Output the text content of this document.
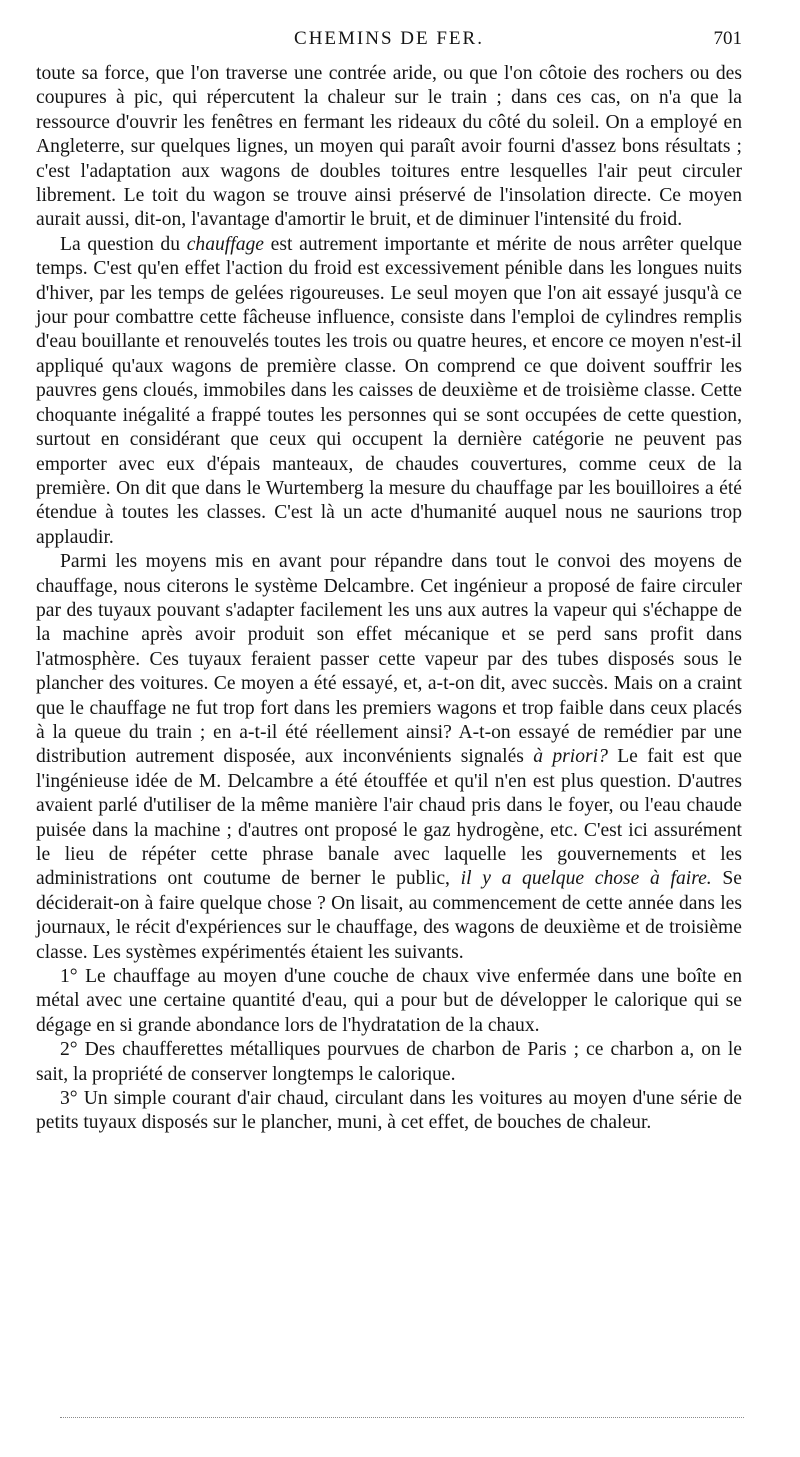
CHEMINS DE FER.	701

toute sa force, que l'on traverse une contrée aride, ou que l'on côtoie des rochers ou des coupures à pic, qui répercutent la chaleur sur le train ; dans ces cas, on n'a que la ressource d'ouvrir les fenêtres en fermant les rideaux du côté du soleil. On a employé en Angleterre, sur quelques lignes, un moyen qui paraît avoir fourni d'assez bons résultats ; c'est l'adaptation aux wagons de doubles toitures entre lesquelles l'air peut circuler librement. Le toit du wagon se trouve ainsi préservé de l'insolation directe. Ce moyen aurait aussi, dit-on, l'avantage d'amortir le bruit, et de diminuer l'intensité du froid.

La question du chauffage est autrement importante et mérite de nous arrêter quelque temps. C'est qu'en effet l'action du froid est excessivement pénible dans les longues nuits d'hiver, par les temps de gelées rigoureuses. Le seul moyen que l'on ait essayé jusqu'à ce jour pour combattre cette fâcheuse influence, consiste dans l'emploi de cylindres remplis d'eau bouillante et renouvelés toutes les trois ou quatre heures, et encore ce moyen n'est-il appliqué qu'aux wagons de première classe. On comprend ce que doivent souffrir les pauvres gens cloués, immobiles dans les caisses de deuxième et de troisième classe. Cette choquante inégalité a frappé toutes les personnes qui se sont occupées de cette question, surtout en considérant que ceux qui occupent la dernière catégorie ne peuvent pas emporter avec eux d'épais manteaux, de chaudes couvertures, comme ceux de la première. On dit que dans le Wurtemberg la mesure du chauffage par les bouilloires a été étendue à toutes les classes. C'est là un acte d'humanité auquel nous ne saurions trop applaudir.

Parmi les moyens mis en avant pour répandre dans tout le convoi des moyens de chauffage, nous citerons le système Delcambre. Cet ingénieur a proposé de faire circuler par des tuyaux pouvant s'adapter facilement les uns aux autres la vapeur qui s'échappe de la machine après avoir produit son effet mécanique et se perd sans profit dans l'atmosphère. Ces tuyaux feraient passer cette vapeur par des tubes disposés sous le plancher des voitures. Ce moyen a été essayé, et, a-t-on dit, avec succès. Mais on a craint que le chauffage ne fut trop fort dans les premiers wagons et trop faible dans ceux placés à la queue du train ; en a-t-il été réellement ainsi? A-t-on essayé de remédier par une distribution autrement disposée, aux inconvénients signalés à priori? Le fait est que l'ingénieuse idée de M. Delcambre a été étouffée et qu'il n'en est plus question. D'autres avaient parlé d'utiliser de la même manière l'air chaud pris dans le foyer, ou l'eau chaude puisée dans la machine ; d'autres ont proposé le gaz hydrogène, etc. C'est ici assurément le lieu de répéter cette phrase banale avec laquelle les gouvernements et les administrations ont coutume de berner le public, il y a quelque chose à faire. Se déciderait-on à faire quelque chose ? On lisait, au commencement de cette année dans les journaux, le récit d'expériences sur le chauffage, des wagons de deuxième et de troisième classe. Les systèmes expérimentés étaient les suivants.

1° Le chauffage au moyen d'une couche de chaux vive enfermée dans une boîte en métal avec une certaine quantité d'eau, qui a pour but de développer le calorique qui se dégage en si grande abondance lors de l'hydratation de la chaux.

2° Des chaufferettes métalliques pourvues de charbon de Paris ; ce charbon a, on le sait, la propriété de conserver longtemps le calorique.

3° Un simple courant d'air chaud, circulant dans les voitures au moyen d'une série de petits tuyaux disposés sur le plancher, muni, à cet effet, de bouches de chaleur.
